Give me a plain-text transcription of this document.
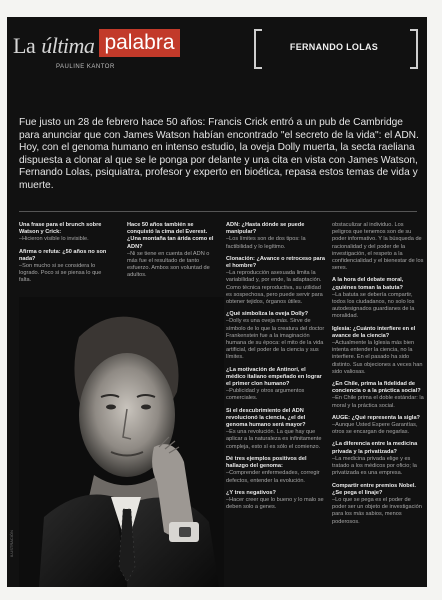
La última palabra
PAULINE KANTOR
FERNANDO LOLAS
Fue justo un 28 de febrero hace 50 años: Francis Crick entró a un pub de Cambridge para anunciar que con James Watson habían encontrado "el secreto de la vida": el ADN. Hoy, con el genoma humano en intenso estudio, la oveja Dolly muerta, la secta raeliana dispuesta a clonar al que se le ponga por delante y una cita en vista con James Watson, Fernando Lolas, psiquiatra, profesor y experto en bioética, repasa estos temas de vida y muerte.

Una frase para el brunch sobre Watson y Crick:
–Hicieron visible lo invisible.

Afirma o refuta: ¿50 años no son nada?
–Son mucho si se considera lo logrado. Poco si se piensa lo que falta.

Hace 50 años también se conquistó la cima del Everest. ¿Una montaña tan árida como el ADN?
–Ni se tiene en cuenta del ADN o más fue el resultado de tanto esfuerzo. Ambos son voluntad de adultos.

ILUSTRACIÓN

ADN: ¿Hasta dónde se puede manipular?
–Los límites son de dos tipos: la factibilidad y lo legítimo.

Clonación: ¿Avance o retroceso para el hombre?
–La reproducción asexuada limita la variabilidad y, por ende, la adaptación. Como técnica reproductiva, su utilidad es sospechosa, pero puede servir para obtener tejidos, órganos útiles.

¿Qué simboliza la oveja Dolly?
–Dolly es una oveja más. Sirve de símbolo de lo que la creatura del doctor Frankenstein fue a la imaginación humana de su época: el mito de la vida artificial, del poder de la ciencia y sus límites.

¿La motivación de Antinori, el médico italiano empeñado en lograr el primer clon humano?
–Publicidad y otros argumentos comerciales.

Si el descubrimiento del ADN revolucionó la ciencia, ¿el del genoma humano será mayor?
–Es una revolución. La que hay que aplicar a la naturaleza es infinitamente compleja, esto sí es sólo el comienzo.

Dé tres ejemplos positivos del hallazgo del genoma:
–Comprender enfermedades, corregir defectos, entender la evolución.

¿Y tres negativos?
–Hacer creer que lo bueno y lo malo se deben solo a genes.

obstaculizar al individuo. Los peligros que tenemos son de su poder informativo. Y la búsqueda de racionalidad y del poder de la investigación, el respeto a la confidencialidad y el bienestar de los seres.

A la hora del debate moral, ¿quiénes toman la batuta?
–La batuta se debería compartir, todos los ciudadanos, no solo los autodesignados guardianes de la moralidad.

Iglesia: ¿Cuánto interfiere en el avance de la ciencia?
–Actualmente la Iglesia más bien intenta entender la ciencia, no la interfiere. En el pasado ha sido distinto. Sus objeciones a veces han sido valiosas.

¿En Chile, prima la fidelidad de conciencia o a la práctica social?
–En Chile prima el doble estándar: la moral y la práctica social.

AUGE: ¿Qué representa la sigla?
–Aunque Usted Espere Garantías, otros se encargan de negarlas.

¿La diferencia entre la medicina privada y la privatizada?
–La medicina privada elige y es tratado a los médicos por oficio; la privatizada es una empresa.

Compartir entre premios Nobel. ¿Se pega el linaje?
–Lo que se pega es el poder de poder ser un objeto de investigación para los más sabios, menos poderosos.
